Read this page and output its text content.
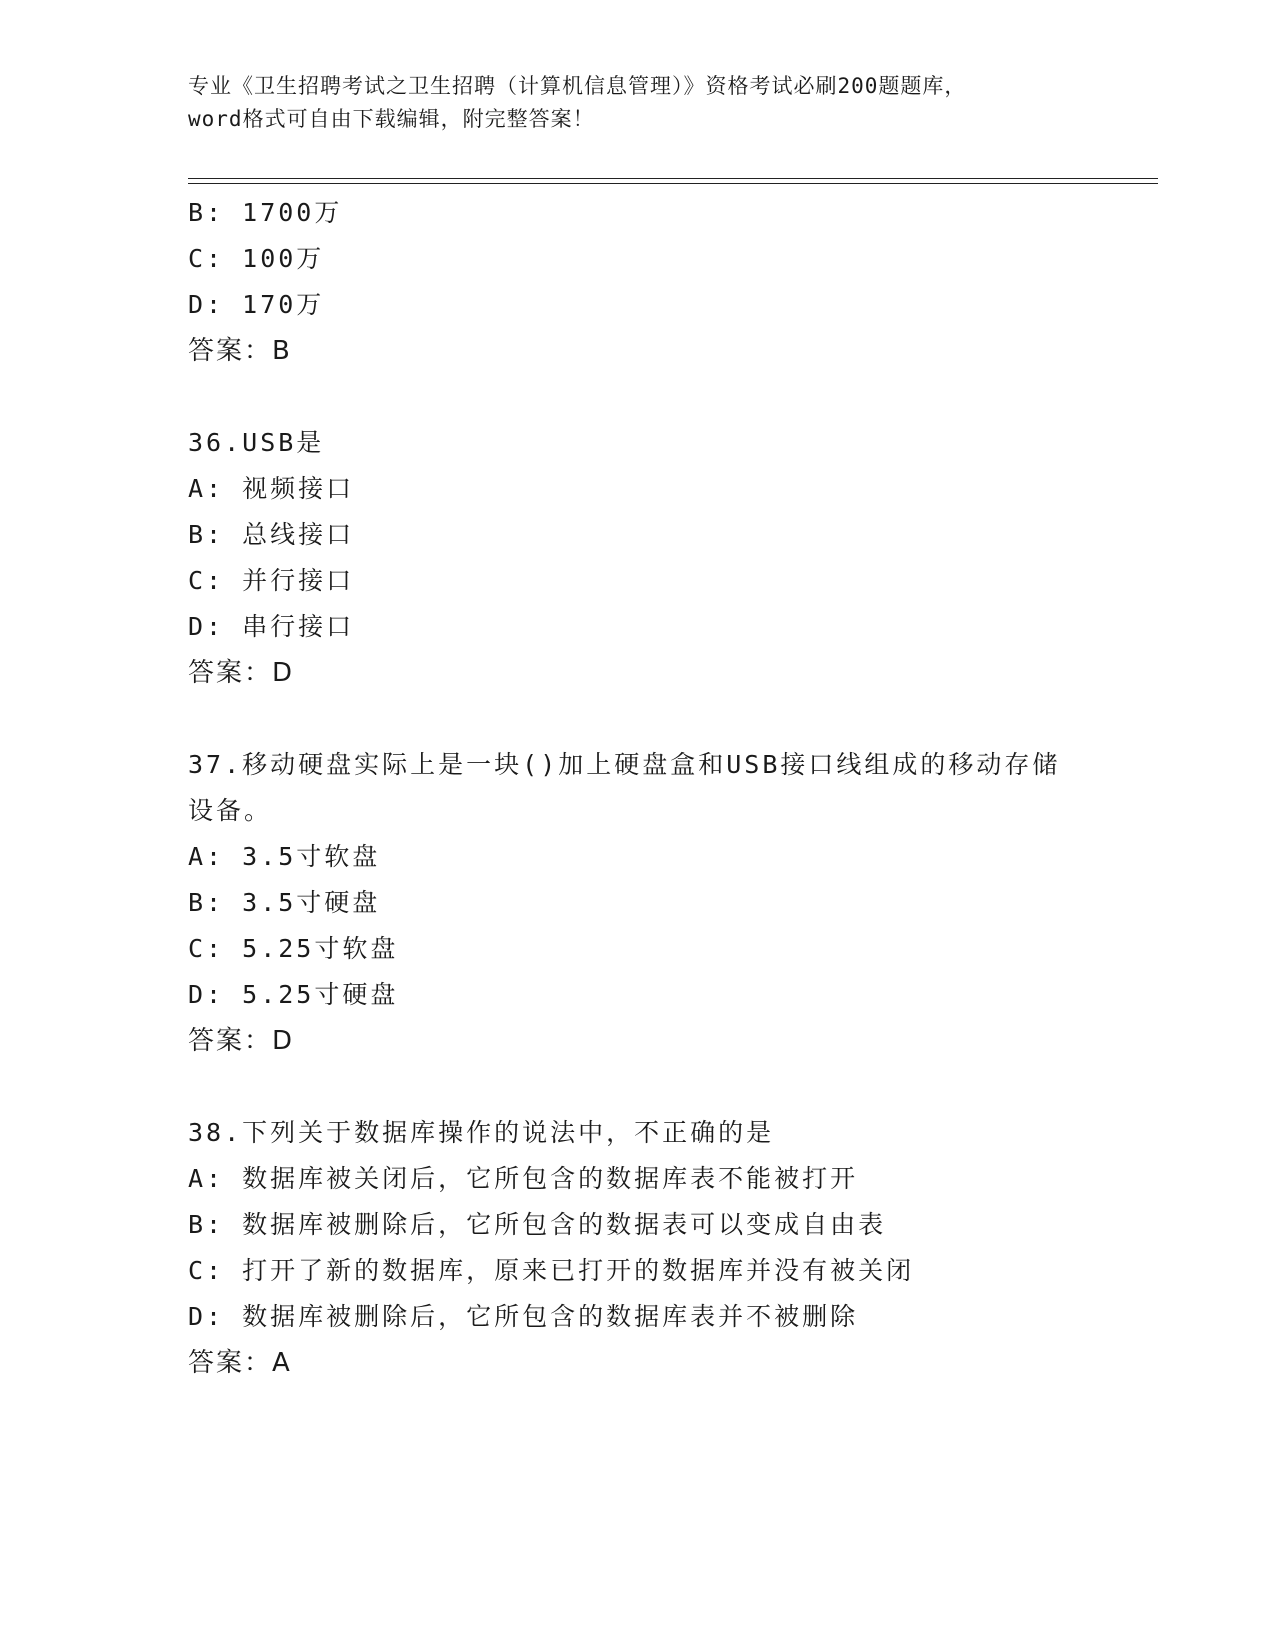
专业《卫生招聘考试之卫生招聘（计算机信息管理）》资格考试必刷200题题库，
word格式可自由下载编辑，附完整答案！
B: 1700万
C: 100万
D: 170万
答案：B
36.USB是
A: 视频接口
B: 总线接口
C: 并行接口
D: 串行接口
答案：D
37.移动硬盘实际上是一块()加上硬盘盒和USB接口线组成的移动存储
设备。
A: 3.5寸软盘
B: 3.5寸硬盘
C: 5.25寸软盘
D: 5.25寸硬盘
答案：D
38.下列关于数据库操作的说法中，不正确的是
A: 数据库被关闭后，它所包含的数据库表不能被打开
B: 数据库被删除后，它所包含的数据表可以变成自由表
C: 打开了新的数据库，原来已打开的数据库并没有被关闭
D: 数据库被删除后，它所包含的数据库表并不被删除
答案：A
